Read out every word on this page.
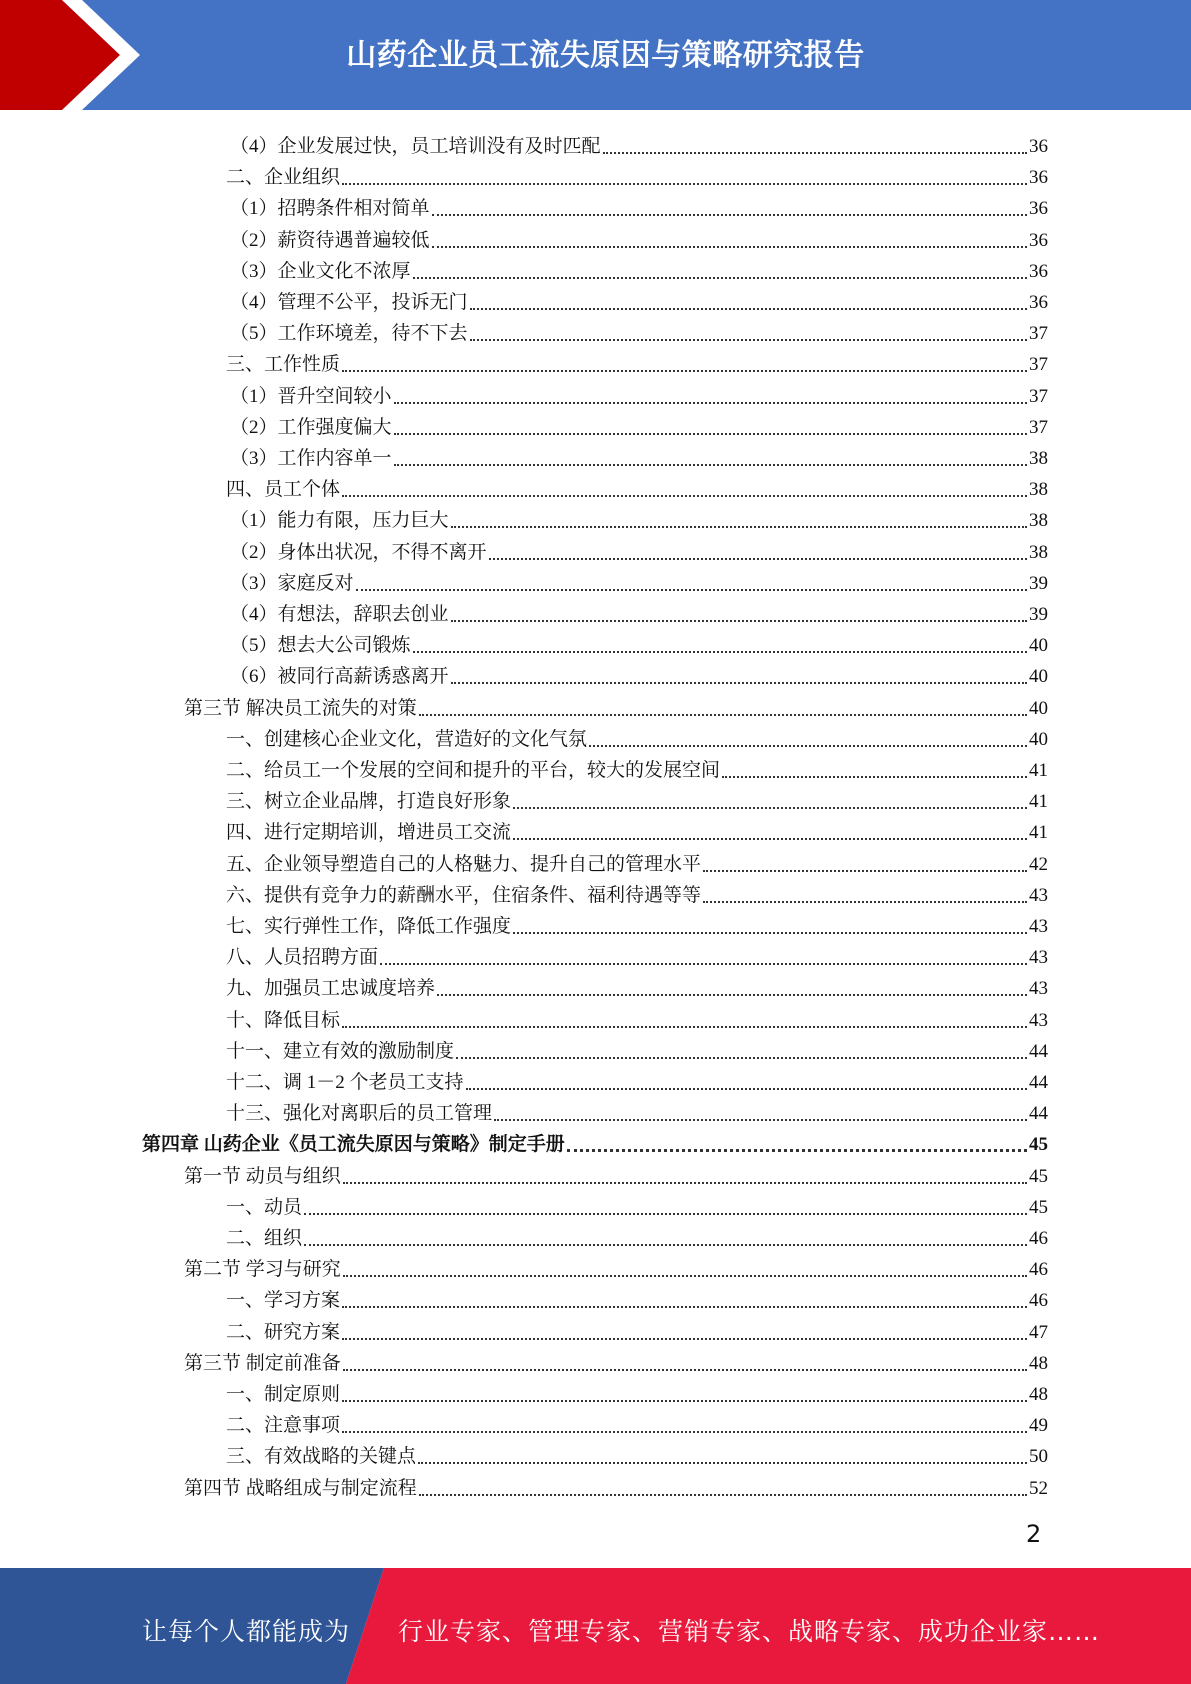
山药企业员工流失原因与策略研究报告
（4）企业发展过快，员工培训没有及时匹配	36
二、企业组织	36
（1）招聘条件相对简单	36
（2）薪资待遇普遍较低	36
（3）企业文化不浓厚	36
（4）管理不公平，投诉无门	36
（5）工作环境差，待不下去	37
三、工作性质	37
（1）晋升空间较小	37
（2）工作强度偏大	37
（3）工作内容单一	38
四、员工个体	38
（1）能力有限，压力巨大	38
（2）身体出状况，不得不离开	38
（3）家庭反对	39
（4）有想法，辞职去创业	39
（5）想去大公司锻炼	40
（6）被同行高薪诱惑离开	40
第三节 解决员工流失的对策	40
一、创建核心企业文化，营造好的文化气氛	40
二、给员工一个发展的空间和提升的平台，较大的发展空间	41
三、树立企业品牌，打造良好形象	41
四、进行定期培训，增进员工交流	41
五、企业领导塑造自己的人格魅力、提升自己的管理水平	42
六、提供有竞争力的薪酬水平，住宿条件、福利待遇等等	43
七、实行弹性工作，降低工作强度	43
八、人员招聘方面	43
九、加强员工忠诚度培养	43
十、降低目标	43
十一、建立有效的激励制度	44
十二、调 1－2 个老员工支持	44
十三、强化对离职后的员工管理	44
第四章 山药企业《员工流失原因与策略》制定手册	45
第一节 动员与组织	45
一、动员	45
二、组织	46
第二节 学习与研究	46
一、学习方案	46
二、研究方案	47
第三节 制定前准备	48
一、制定原则	48
二、注意事项	49
三、有效战略的关键点	50
第四节 战略组成与制定流程	52
2
让每个人都能成为 行业专家、管理专家、营销专家、战略专家、成功企业家……
